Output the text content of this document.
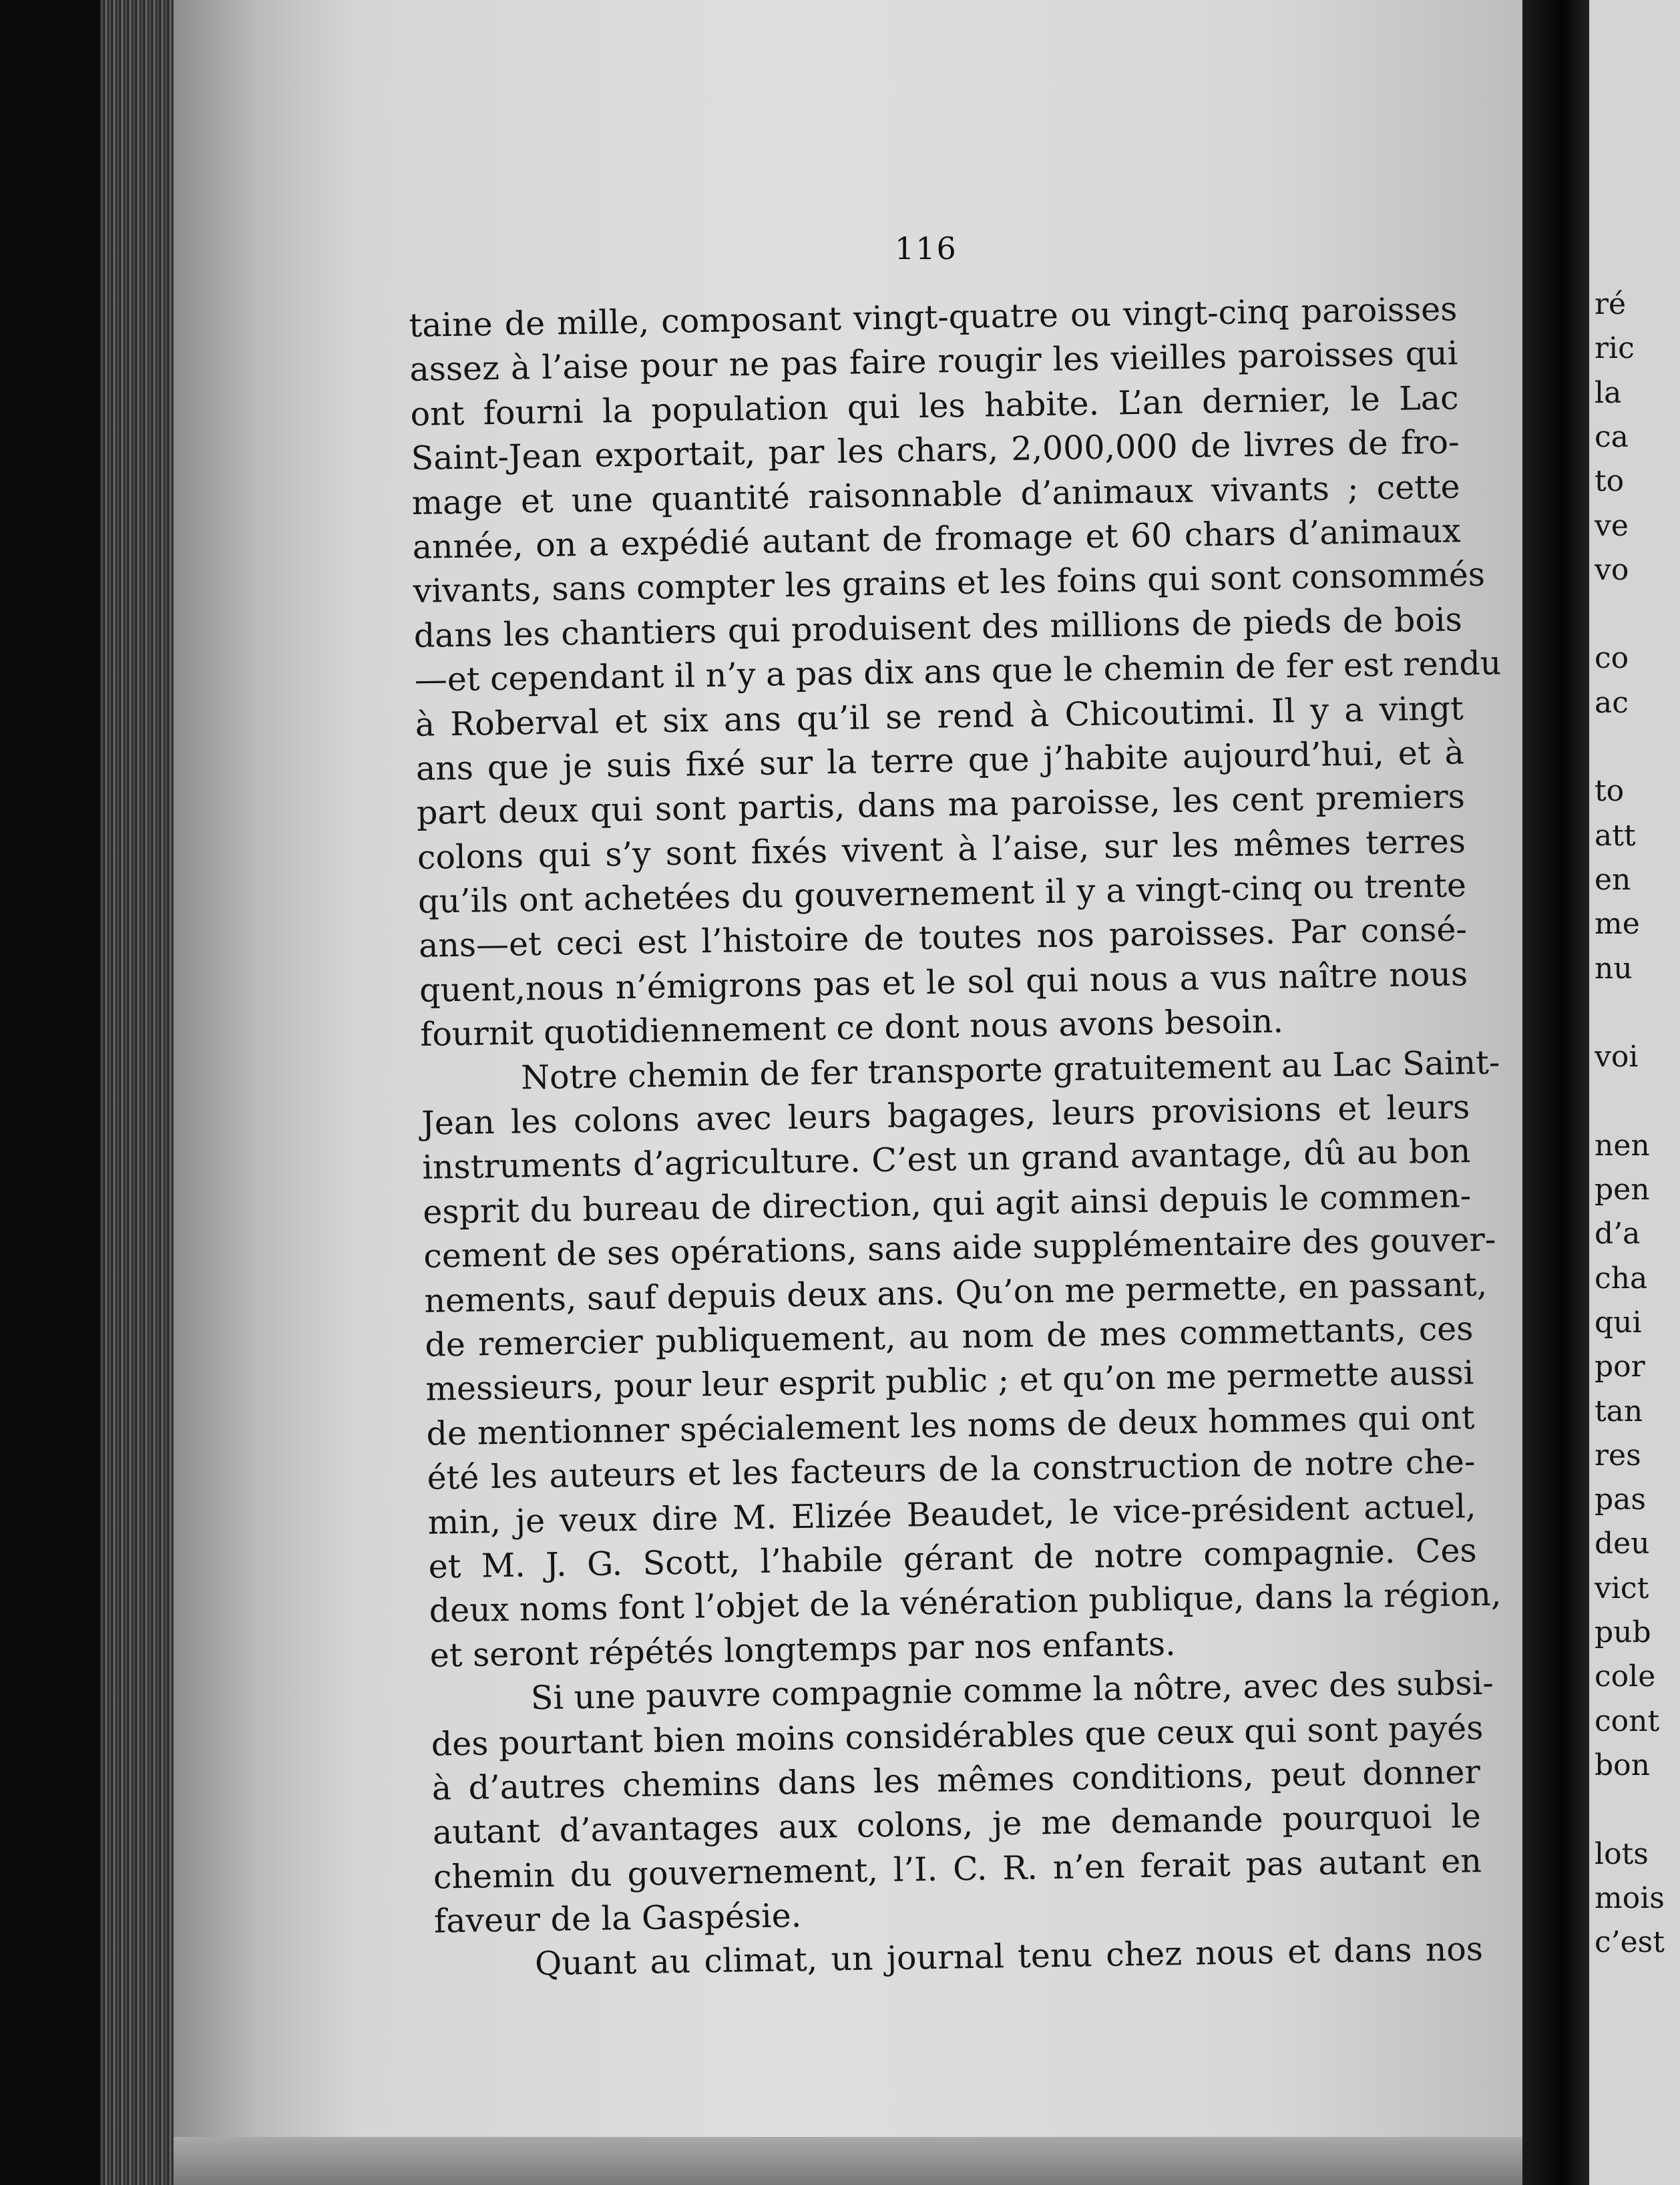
116
taine de mille, composant vingt-quatre ou vingt-cinq paroisses
assez à l’aise pour ne pas faire rougir les vieilles paroisses qui
ont fourni la population qui les habite. L’an dernier, le Lac
Saint-Jean exportait, par les chars, 2,000,000 de livres de fro-
mage et une quantité raisonnable d’animaux vivants ; cette
année, on a expédié autant de fromage et 60 chars d’animaux
vivants, sans compter les grains et les foins qui sont consommés
dans les chantiers qui produisent des millions de pieds de bois
—et cependant il n’y a pas dix ans que le chemin de fer est rendu
à Roberval et six ans qu’il se rend à Chicoutimi. Il y a vingt
ans que je suis fixé sur la terre que j’habite aujourd’hui, et à
part deux qui sont partis, dans ma paroisse, les cent premiers
colons qui s’y sont fixés vivent à l’aise, sur les mêmes terres
qu’ils ont achetées du gouvernement il y a vingt-cinq ou trente
ans—et ceci est l’histoire de toutes nos paroisses. Par consé-
quent,nous n’émigrons pas et le sol qui nous a vus naître nous
fournit quotidiennement ce dont nous avons besoin.
Notre chemin de fer transporte gratuitement au Lac Saint-
Jean les colons avec leurs bagages, leurs provisions et leurs
instruments d’agriculture. C’est un grand avantage, dû au bon
esprit du bureau de direction, qui agit ainsi depuis le commen-
cement de ses opérations, sans aide supplémentaire des gouver-
nements, sauf depuis deux ans. Qu’on me permette, en passant,
de remercier publiquement, au nom de mes commettants, ces
messieurs, pour leur esprit public ; et qu’on me permette aussi
de mentionner spécialement les noms de deux hommes qui ont
été les auteurs et les facteurs de la construction de notre che-
min, je veux dire M. Elizée Beaudet, le vice-président actuel,
et M. J. G. Scott, l’habile gérant de notre compagnie. Ces
deux noms font l’objet de la vénération publique, dans la région,
et seront répétés longtemps par nos enfants.
Si une pauvre compagnie comme la nôtre, avec des subsi-
des pourtant bien moins considérables que ceux qui sont payés
à d’autres chemins dans les mêmes conditions, peut donner
autant d’avantages aux colons, je me demande pourquoi le
chemin du gouvernement, l’I. C. R. n’en ferait pas autant en
faveur de la Gaspésie.
Quant au climat, un journal tenu chez nous et dans nos
ré
ric
la
ca
to
ve
vo
co
ac
to
att
en
me
nu
voi
nen
pen
d’a
cha
qui
por
tan
res
pas
deu
vict
pub
cole
cont
bon
lots
mois
c’est
